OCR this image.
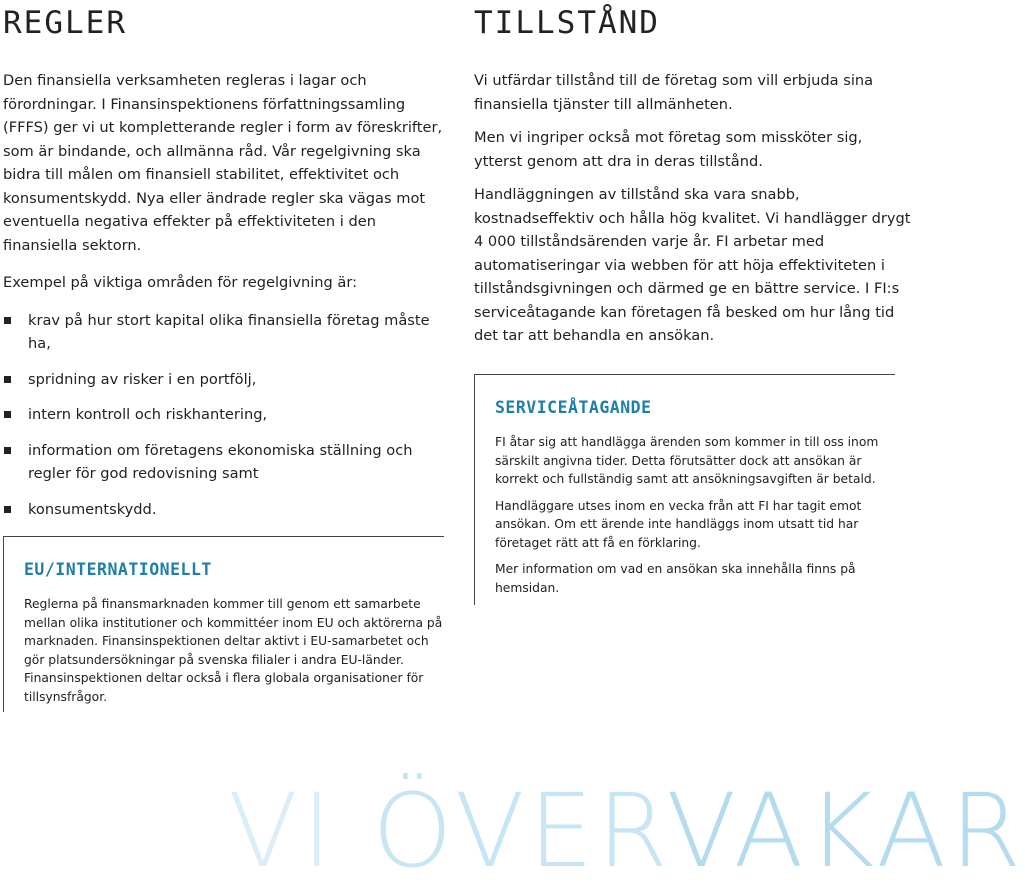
REGLER

Den finansiella verksamheten regleras i lagar och förordningar. I Finansinspektionens författningssamling (FFFS) ger vi ut kompletterande regler i form av föreskrifter, som är bindande, och allmänna råd. Vår regelgivning ska bidra till målen om finansiell stabilitet, effektivitet och konsumentskydd. Nya eller ändrade regler ska vägas mot eventuella negativa effekter på effektiviteten i den finansiella sektorn.

Exempel på viktiga områden för regelgivning är:

krav på hur stort kapital olika finansiella företag måste ha,
spridning av risker i en portfölj,
intern kontroll och riskhantering,
information om företagens ekonomiska ställning och regler för god redovisning samt
konsumentskydd.
EU/INTERNATIONELLT

Reglerna på finansmarknaden kommer till genom ett samarbete mellan olika institutioner och kommittéer inom EU och aktörerna på marknaden. Finansinspektionen deltar aktivt i EU-samarbetet och gör platsundersökningar på svenska filialer i andra EU-länder. Finansinspektionen deltar också i flera globala organisationer för tillsynsfrågor.

TILLSTÅND

Vi utfärdar tillstånd till de företag som vill erbjuda sina finansiella tjänster till allmänheten.

Men vi ingriper också mot företag som missköter sig, ytterst genom att dra in deras tillstånd.

Handläggningen av tillstånd ska vara snabb, kostnadseffektiv och hålla hög kvalitet. Vi handlägger drygt 4 000 tillståndsärenden varje år. FI arbetar med automatiseringar via webben för att höja effektiviteten i tillståndsgivningen och därmed ge en bättre service. I FI:s serviceåtagande kan företagen få besked om hur lång tid det tar att behandla en ansökan.

SERVICEÅTAGANDE

FI åtar sig att handlägga ärenden som kommer in till oss inom särskilt angivna tider. Detta förutsätter dock att ansökan är korrekt och fullständig samt att ansökningsavgiften är betald.

Handläggare utses inom en vecka från att FI har tagit emot ansökan. Om ett ärende inte handläggs inom utsatt tid har företaget rätt att få en förklaring.

Mer information om vad en ansökan ska innehålla finns på hemsidan.

VI ÖVERVAKAR
